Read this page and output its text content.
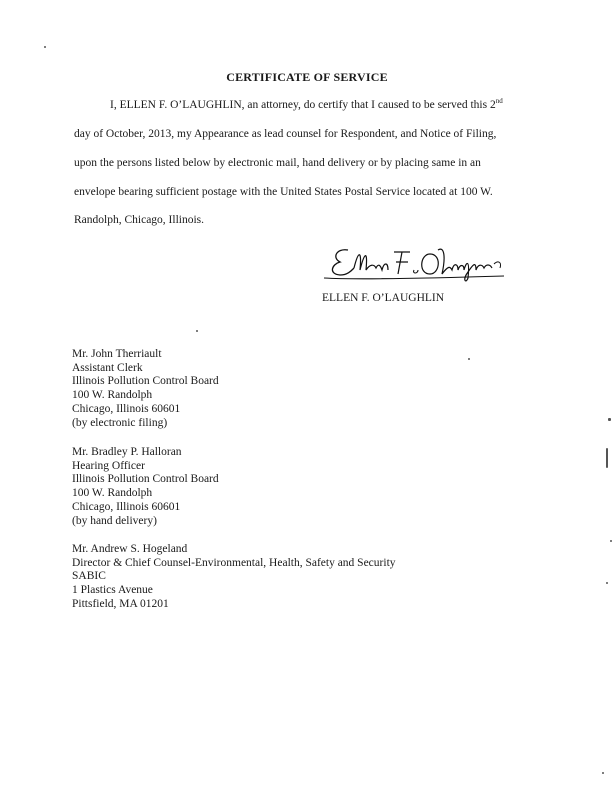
CERTIFICATE OF SERVICE
I, ELLEN F. O’LAUGHLIN, an attorney, do certify that I caused to be served this 2nd
day of October, 2013, my Appearance as lead counsel for Respondent, and Notice of Filing,
upon the persons listed below by electronic mail, hand delivery or by placing same in an
envelope bearing sufficient postage with the United States Postal Service located at 100 W.
Randolph, Chicago, Illinois.
ELLEN F. O’LAUGHLIN
Mr. John Therriault
Assistant Clerk
Illinois Pollution Control Board
100 W. Randolph
Chicago, Illinois 60601
(by electronic filing)
Mr. Bradley P. Halloran
Hearing Officer
Illinois Pollution Control Board
100 W. Randolph
Chicago, Illinois 60601
(by hand delivery)
Mr. Andrew S. Hogeland
Director & Chief Counsel-Environmental, Health, Safety and Security
SABIC
1 Plastics Avenue
Pittsfield, MA 01201
